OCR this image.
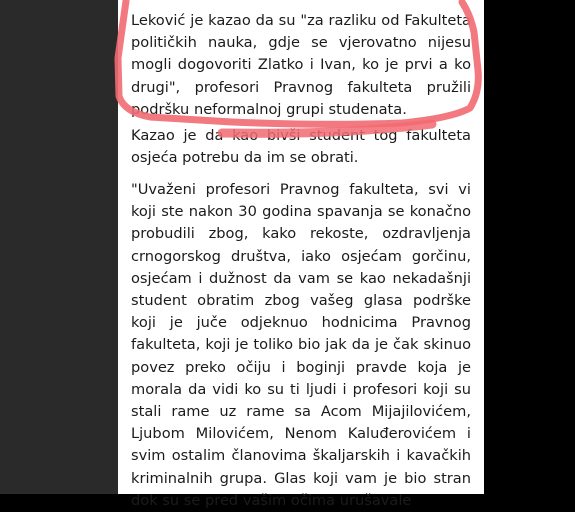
Leković je kazao da su "za razliku od Fakulteta političkih nauka, gdje se vjerovatno nijesu mogli dogovoriti Zlatko i Ivan, ko je prvi a ko drugi", profesori Pravnog fakulteta pružili podršku neformalnoj grupi studenata.

Kazao je da kao bivši student tog fakulteta osjeća potrebu da im se obrati.

"Uvaženi profesori Pravnog fakulteta, svi vi koji ste nakon 30 godina spavanja se konačno probudili zbog, kako rekoste, ozdravljenja crnogorskog društva, iako osjećam gorčinu, osjećam i dužnost da vam se kao nekadašnji student obratim zbog vašeg glasa podrške koji je juče odjeknuo hodnicima Pravnog fakulteta, koji je toliko bio jak da je čak skinuo povez preko očiju i boginji pravde koja je morala da vidi ko su ti ljudi i profesori koji su stali rame uz rame sa Acom Mijajilovićem, Ljubom Milovićem, Nenom Kaluđerovićem i svim ostalim članovima škaljarskih i kavačkih kriminalnih grupa. Glas koji vam je bio stran dok su se pred vašim očima urušavale
